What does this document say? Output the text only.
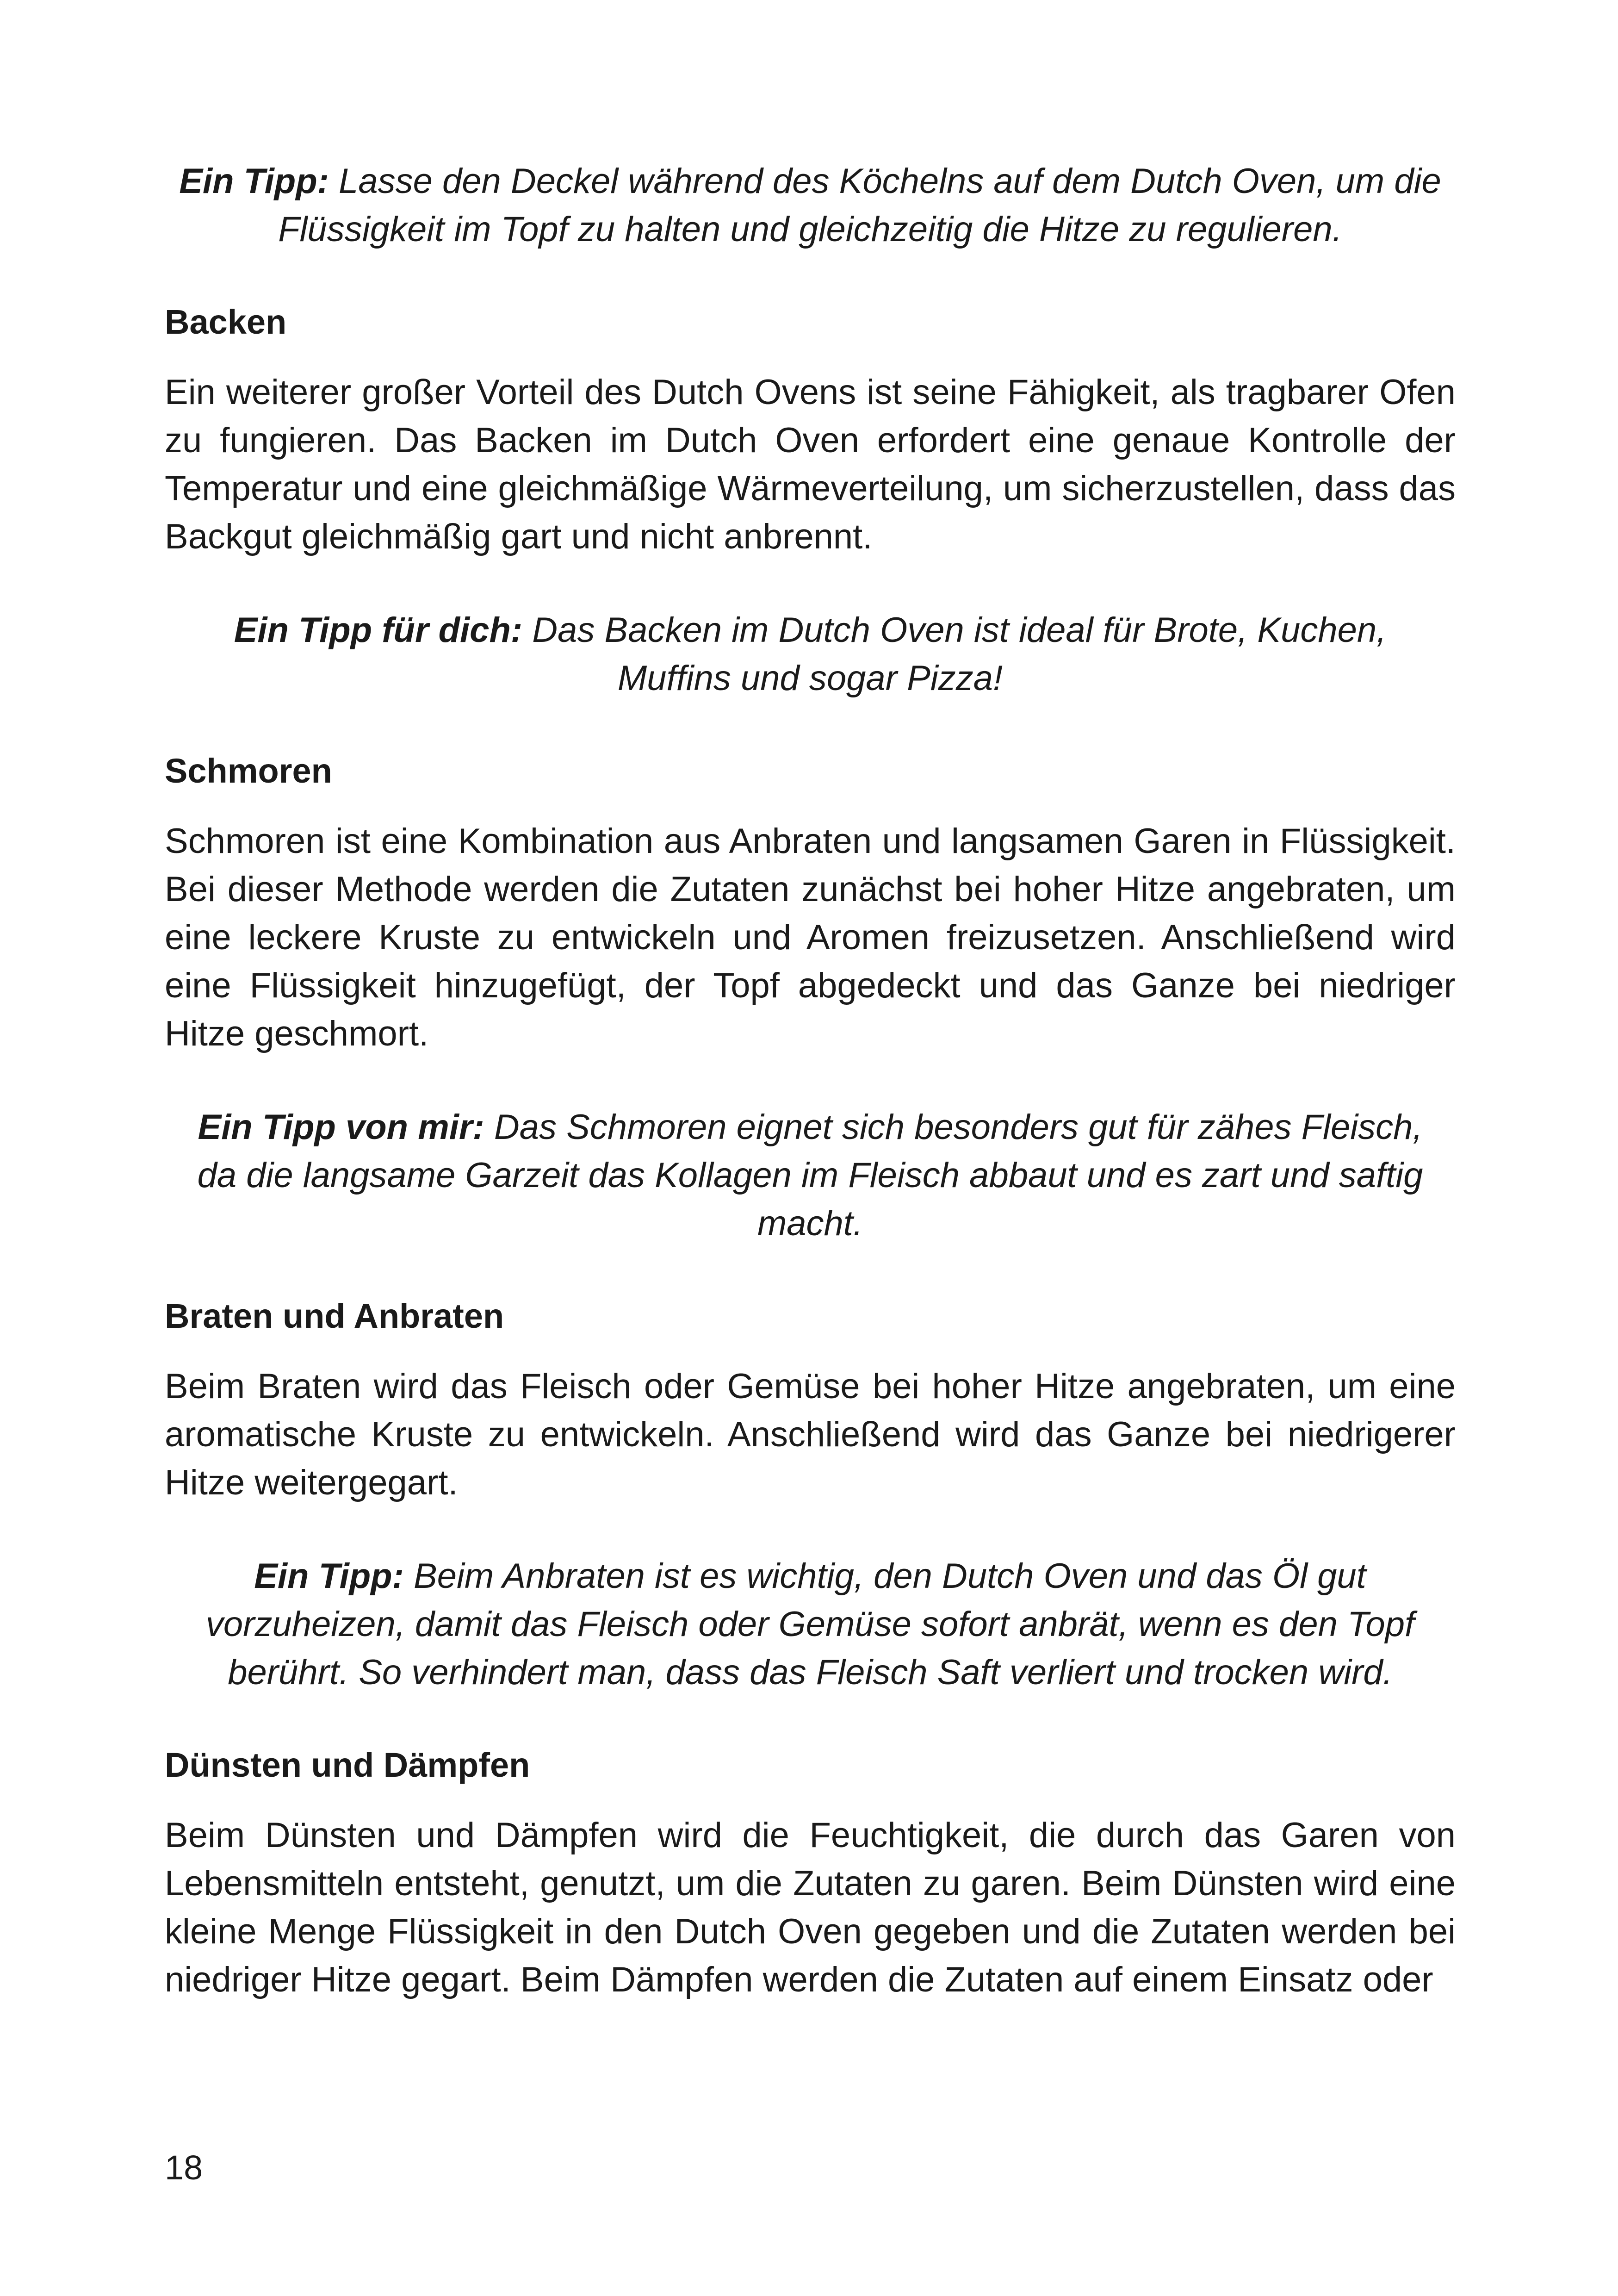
Ein Tipp: Lasse den Deckel während des Köchelns auf dem Dutch Oven, um die Flüssigkeit im Topf zu halten und gleichzeitig die Hitze zu regulieren.

Backen

Ein weiterer großer Vorteil des Dutch Ovens ist seine Fähigkeit, als tragbarer Ofen zu fungieren. Das Backen im Dutch Oven erfordert eine genaue Kontrolle der Temperatur und eine gleichmäßige Wärmeverteilung, um sicherzustellen, dass das Backgut gleichmäßig gart und nicht anbrennt.

Ein Tipp für dich: Das Backen im Dutch Oven ist ideal für Brote, Kuchen, Muffins und sogar Pizza!

Schmoren

Schmoren ist eine Kombination aus Anbraten und langsamen Garen in Flüssigkeit. Bei dieser Methode werden die Zutaten zunächst bei hoher Hitze angebraten, um eine leckere Kruste zu entwickeln und Aromen freizusetzen. Anschließend wird eine Flüssigkeit hinzugefügt, der Topf abgedeckt und das Ganze bei niedriger Hitze geschmort.

Ein Tipp von mir: Das Schmoren eignet sich besonders gut für zähes Fleisch, da die langsame Garzeit das Kollagen im Fleisch abbaut und es zart und saftig macht.

Braten und Anbraten

Beim Braten wird das Fleisch oder Gemüse bei hoher Hitze angebraten, um eine aromatische Kruste zu entwickeln. Anschließend wird das Ganze bei niedrigerer Hitze weitergegart.

Ein Tipp: Beim Anbraten ist es wichtig, den Dutch Oven und das Öl gut vorzuheizen, damit das Fleisch oder Gemüse sofort anbrät, wenn es den Topf berührt. So verhindert man, dass das Fleisch Saft verliert und trocken wird.

Dünsten und Dämpfen

Beim Dünsten und Dämpfen wird die Feuchtigkeit, die durch das Garen von Lebensmitteln entsteht, genutzt, um die Zutaten zu garen. Beim Dünsten wird eine kleine Menge Flüssigkeit in den Dutch Oven gegeben und die Zutaten werden bei niedriger Hitze gegart. Beim Dämpfen werden die Zutaten auf einem Einsatz oder

18
